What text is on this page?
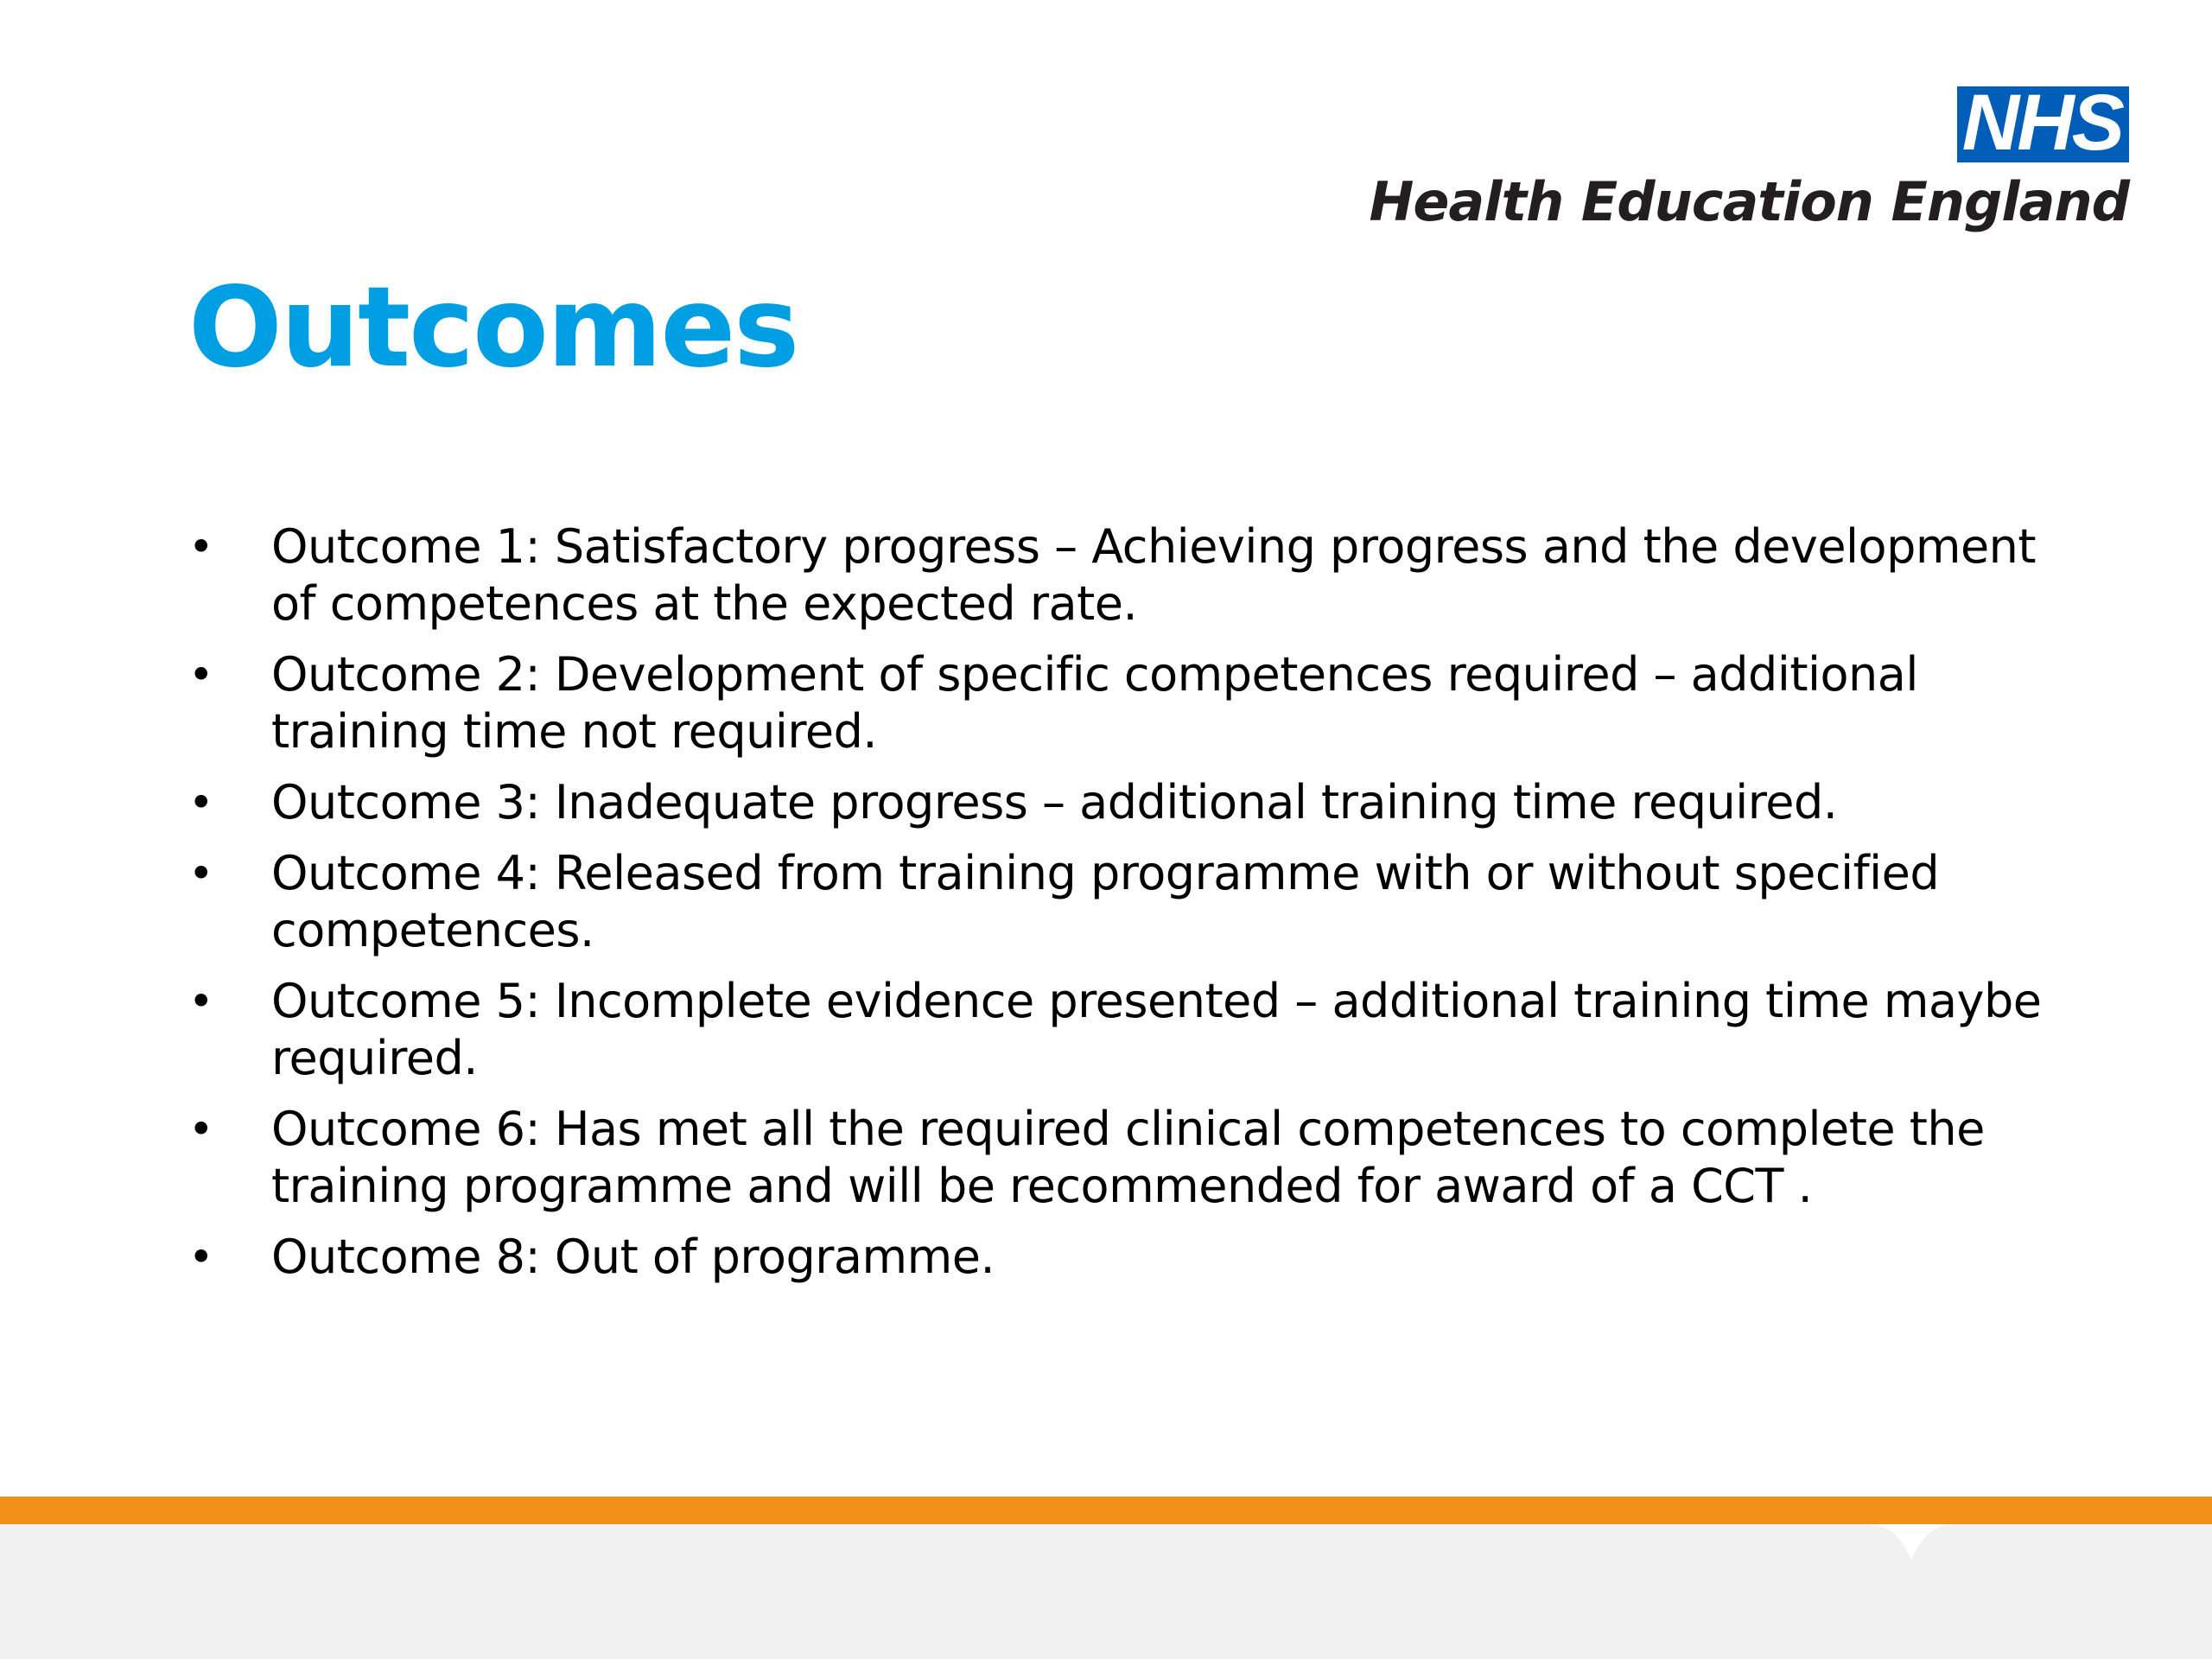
NHS
Health Education England
Outcomes
•	Outcome 1: Satisfactory progress – Achieving progress and the development of competences at the expected rate.
•	Outcome 2: Development of specific competences required – additional training time not required.
•	Outcome 3: Inadequate progress – additional training time required.
•	Outcome 4: Released from training programme with or without specified competences.
•	Outcome 5: Incomplete evidence presented – additional training time maybe required.
•	Outcome 6: Has met all the required clinical competences to complete the training programme and will be recommended for award of a CCT .
•	Outcome 8: Out of programme.
